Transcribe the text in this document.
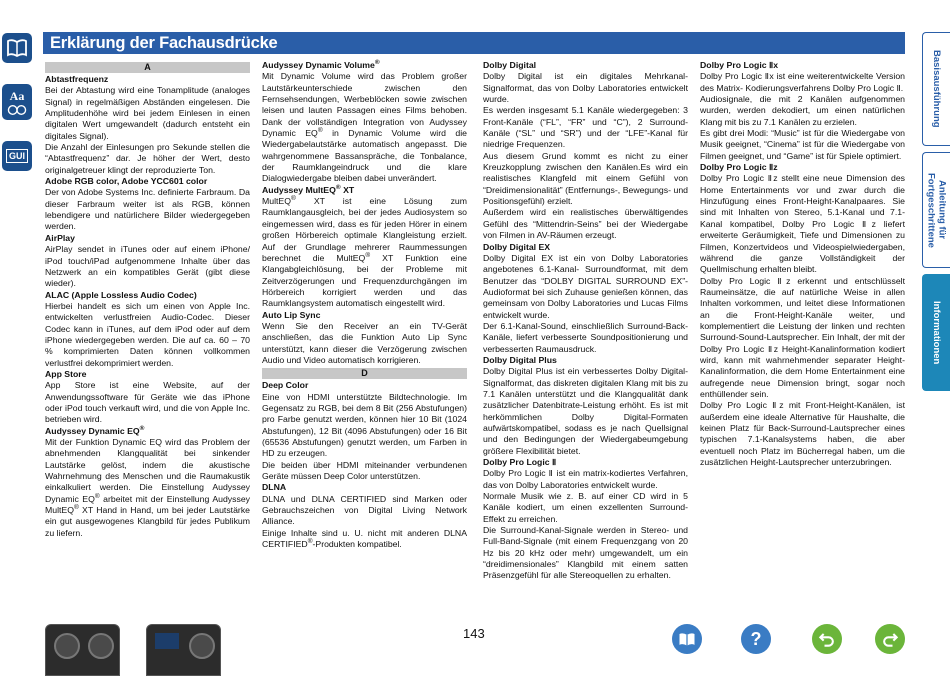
Aa
GUI
Erklärung der Fachausdrücke
A

Abtastfrequenz

Bei der Abtastung wird eine Tonamplitude (analoges Signal) in regelmäßigen Abständen eingelesen. Die Amplitudenhöhe wird bei jedem Einlesen in einen digitalen Wert umgewandelt (dadurch entsteht ein digitales Signal).

Die Anzahl der Einlesungen pro Sekunde stellen die “Abtastfrequenz” dar. Je höher der Wert, desto originalgetreuer klingt der reproduzierte Ton.

Adobe RGB color, Adobe YCC601 color

Der von Adobe Systems Inc. definierte Farbraum. Da dieser Farbraum weiter ist als RGB, können lebendigere und natürlichere Bilder wiedergegeben werden.

AirPlay

AirPlay sendet in iTunes oder auf einem iPhone/ iPod touch/iPad aufgenommene Inhalte über das Netzwerk an ein kompatibles Gerät (gibt diese wieder).

ALAC (Apple Lossless Audio Codec)

Hierbei handelt es sich um einen von Apple Inc. entwickelten verlustfreien Audio-Codec. Dieser Codec kann in iTunes, auf dem iPod oder auf dem iPhone wiedergegeben werden. Die auf ca. 60 – 70 % komprimierten Daten können vollkommen verlustfrei dekomprimiert werden.

App Store

App Store ist eine Website, auf der Anwendungssoftware für Geräte wie das iPhone oder iPod touch verkauft wird, und die von Apple Inc. betrieben wird.

Audyssey Dynamic EQ®

Mit der Funktion Dynamic EQ wird das Problem der abnehmenden Klangqualität bei sinkender Lautstärke gelöst, indem die akustische Wahrnehmung des Menschen und die Raumakustik einkalkuliert werden. Die Einstellung Audyssey Dynamic EQ® arbeitet mit der Einstellung Audyssey MultEQ® XT Hand in Hand, um bei jeder Lautstärke ein gut ausgewogenes Klangbild für jedes Publikum zu liefern.

Audyssey Dynamic Volume®

Mit Dynamic Volume wird das Problem großer Lautstärkeunterschiede zwischen den Fernsehsendungen, Werbeblöcken sowie zwischen leisen und lauten Passagen eines Films behoben. Dank der vollständigen Integration von Audyssey Dynamic EQ® in Dynamic Volume wird die Wiedergabelautstärke automatisch angepasst. Die wahrgenommene Bassanspräche, die Tonbalance, der Raumklangeindruck und die klare Dialogwiedergabe bleiben dabei unverändert.

Audyssey MultEQ® XT

MultEQ® XT ist eine Lösung zum Raumklangausgleich, bei der jedes Audiosystem so eingemessen wird, dass es für jeden Hörer in einem großen Hörbereich optimale Klangleistung erzielt. Auf der Grundlage mehrerer Raummessungen berechnet die MultEQ® XT Funktion eine Klangabgleichlösung, bei der Probleme mit Zeitverzögerungen und Frequenzdurchgängen im Hörbereich korrigiert werden und das Raumklangsystem automatisch eingestellt wird.

Auto Lip Sync

Wenn Sie den Receiver an ein TV-Gerät anschließen, das die Funktion Auto Lip Sync unterstützt, kann dieser die Verzögerung zwischen Audio und Video automatisch korrigieren.

D

Deep Color

Eine von HDMI unterstützte Bildtechnologie. Im Gegensatz zu RGB, bei dem 8 Bit (256 Abstufungen) pro Farbe genutzt werden, können hier 10 Bit (1024 Abstufungen), 12 Bit (4096 Abstufungen) oder 16 Bit (65536 Abstufungen) genutzt werden, um Farben in HD zu erzeugen.

Die beiden über HDMI miteinander verbundenen Geräte müssen Deep Color unterstützen.

DLNA

DLNA und DLNA CERTIFIED sind Marken oder Gebrauchszeichen von Digital Living Network Alliance.

Einige Inhalte sind u. U. nicht mit anderen DLNA CERTIFIED®-Produkten kompatibel.

Dolby Digital

Dolby Digital ist ein digitales Mehrkanal-Signalformat, das von Dolby Laboratories entwickelt wurde.

Es werden insgesamt 5.1 Kanäle wiedergegeben: 3 Front-Kanäle (“FL”, “FR” und “C”), 2 Surround-Kanäle (“SL” und “SR”) und der “LFE”-Kanal für niedrige Frequenzen.

Aus diesem Grund kommt es nicht zu einer Kreuzkopplung zwischen den Kanälen.Es wird ein realistisches Klangfeld mit einem Gefühl von “Dreidimensionalität” (Entfernungs-, Bewegungs- und Positionsgefühl) erzielt.

Außerdem wird ein realistisches überwältigendes Gefühl des “Mittendrin-Seins” bei der Wiedergabe von Filmen in AV-Räumen erzeugt.

Dolby Digital EX

Dolby Digital EX ist ein von Dolby Laboratories angebotenes 6.1-Kanal- Surroundformat, mit dem Benutzer das “DOLBY DIGITAL SURROUND EX”-Audioformat bei sich Zuhause genießen können, das gemeinsam von Dolby Laboratories und Lucas Films entwickelt wurde.

Der 6.1-Kanal-Sound, einschließlich Surround-Back-Kanäle, liefert verbesserte Soundpositionierung und verbesserten Raumausdruck.

Dolby Digital Plus

Dolby Digital Plus ist ein verbessertes Dolby Digital-Signalformat, das diskreten digitalen Klang mit bis zu 7.1 Kanälen unterstützt und die Klangqualität dank zusätzlicher Datenbitrate-Leistung erhöht. Es ist mit herkömmlichen Dolby Digital-Formaten aufwärtskompatibel, sodass es je nach Quellsignal und den Bedingungen der Wiedergabeumgebung größere Flexibilität bietet.

Dolby Pro Logic Ⅱ

Dolby Pro Logic Ⅱ ist ein matrix-kodiertes Verfahren, das von Dolby Laboratories entwickelt wurde.

Normale Musik wie z. B. auf einer CD wird in 5 Kanäle kodiert, um einen exzellenten Surround-Effekt zu erreichen.

Die Surround-Kanal-Signale werden in Stereo- und Full-Band-Signale (mit einem Frequenzgang von 20 Hz bis 20 kHz oder mehr) umgewandelt, um ein “dreidimensionales” Klangbild mit einem satten Präsenzgefühl für alle Stereoquellen zu erhalten.

Dolby Pro Logic Ⅱx

Dolby Pro Logic Ⅱx ist eine weiterentwickelte Version des Matrix- Kodierungsverfahrens Dolby Pro Logic Ⅱ.

Audiosignale, die mit 2 Kanälen aufgenommen wurden, werden dekodiert, um einen natürlichen Klang mit bis zu 7.1 Kanälen zu erzielen.

Es gibt drei Modi: “Music” ist für die Wiedergabe von Musik geeignet, “Cinema” ist für die Wiedergabe von Filmen geeignet, und “Game” ist für Spiele optimiert.

Dolby Pro Logic Ⅱz

Dolby Pro Logic Ⅱz stellt eine neue Dimension des Home Entertainments vor und zwar durch die Hinzufügung eines Front-Height-Kanalpaares. Sie sind mit Inhalten von Stereo, 5.1-Kanal und 7.1-Kanal kompatibel, Dolby Pro Logic Ⅱz liefert erweiterte Geräumigkeit, Tiefe und Dimensionen zu Filmen, Konzertvideos und Videospielwiedergaben, während die ganze Vollständigkeit der Quellmischung erhalten bleibt.

Dolby Pro Logic Ⅱz erkennt und entschlüsselt Raumeinsätze, die auf natürliche Weise in allen Inhalten vorkommen, und leitet diese Informationen an die Front-Height-Kanäle weiter, und komplementiert die Leistung der linken und rechten Surround-Sound-Lautsprecher. Ein Inhalt, der mit der Dolby Pro Logic Ⅱz Height-Kanalinformation kodiert wird, kann mit wahrnehmender separater Height-Kanalinformation, die dem Home Entertainment eine aufregende neue Dimension bringt, sogar noch enthüllender sein.

Dolby Pro Logic Ⅱz mit Front-Height-Kanälen, ist außerdem eine ideale Alternative für Haushalte, die keinen Platz für Back-Surround-Lautsprecher eines typischen 7.1-Kanalsystems haben, die aber eventuell noch Platz im Bücherregal haben, um die zusätzlichen Height-Lautsprecher unterzubringen.

Basisausführung
Anleitung für
Fortgeschrittene
Informationen
143	?
